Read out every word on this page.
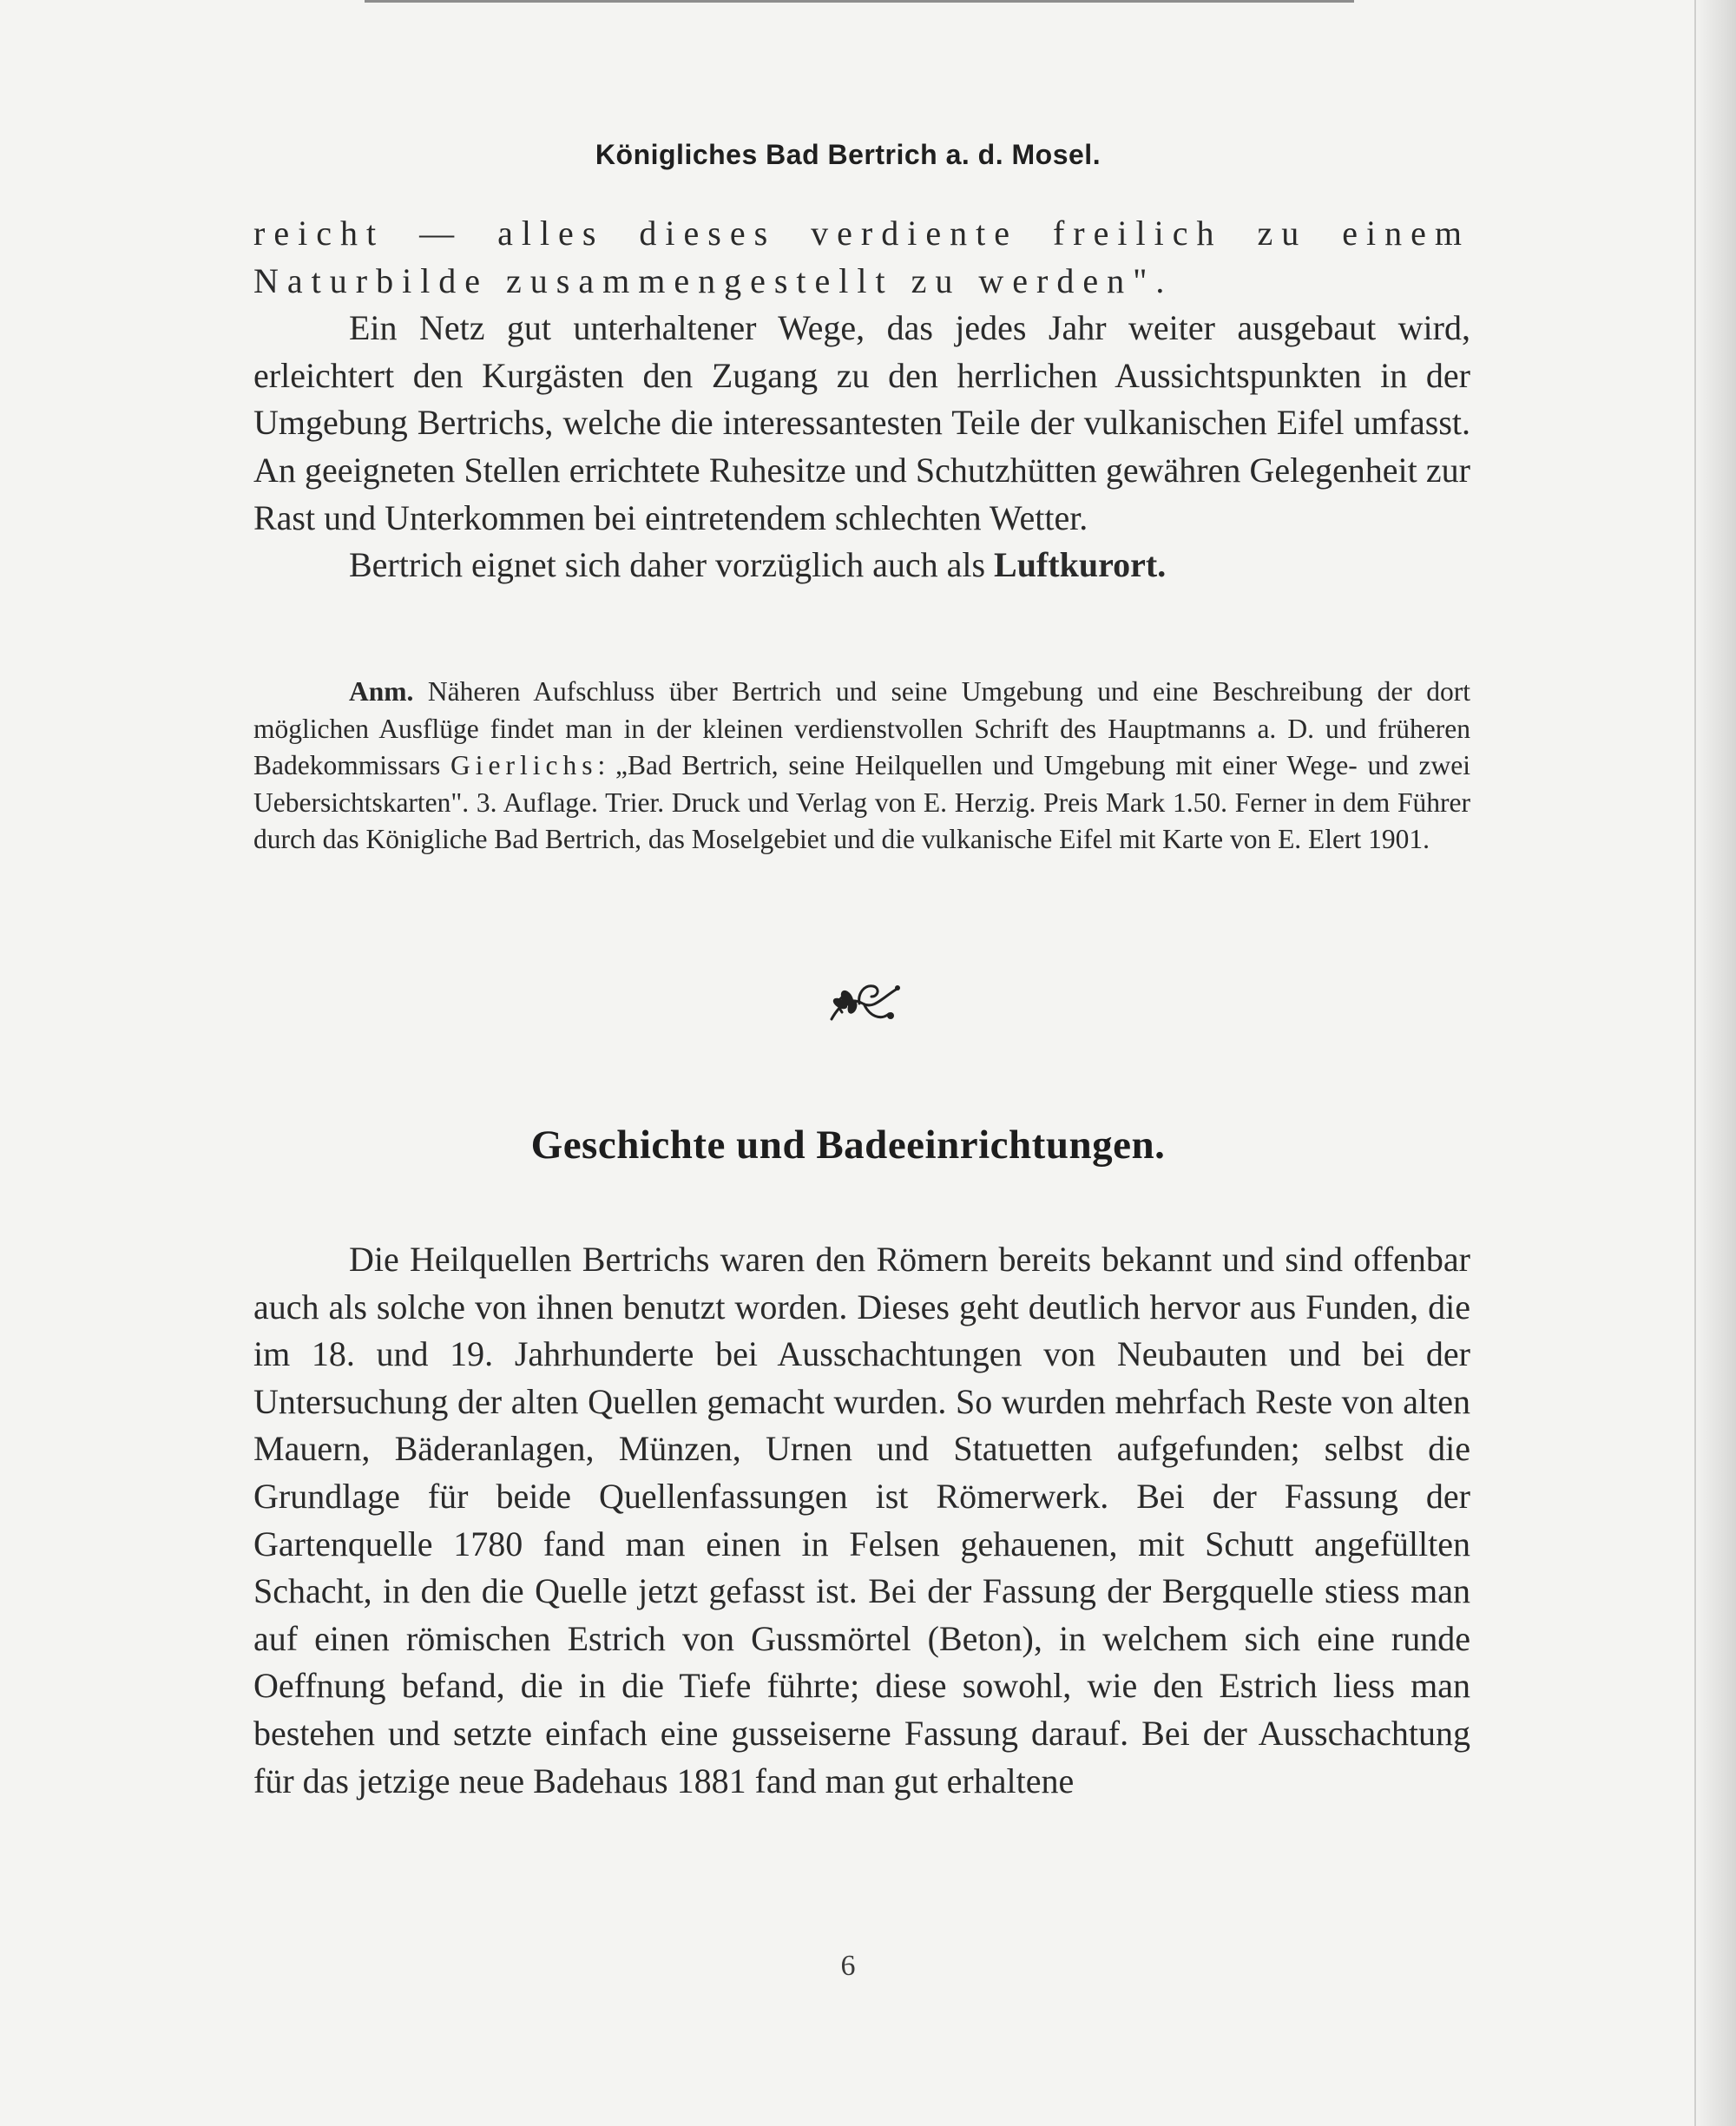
Königliches Bad Bertrich a. d. Mosel.

reicht — alles dieses verdiente freilich zu einem Naturbilde zusammengestellt zu werden".

Ein Netz gut unterhaltener Wege, das jedes Jahr weiter ausgebaut wird, erleichtert den Kurgästen den Zugang zu den herrlichen Aussichtspunkten in der Umgebung Bertrichs, welche die interessantesten Teile der vulkanischen Eifel umfasst. An geeigneten Stellen errichtete Ruhesitze und Schutzhütten gewähren Gelegenheit zur Rast und Unterkommen bei eintretendem schlechten Wetter.

Bertrich eignet sich daher vorzüglich auch als Luftkurort.

Anm. Näheren Aufschluss über Bertrich und seine Umgebung und eine Beschreibung der dort möglichen Ausflüge findet man in der kleinen verdienstvollen Schrift des Hauptmanns a. D. und früheren Badekommissars Gierlichs: „Bad Bertrich, seine Heilquellen und Umgebung mit einer Wege- und zwei Uebersichtskarten". 3. Auflage. Trier. Druck und Verlag von E. Herzig. Preis Mark 1.50. Ferner in dem Führer durch das Königliche Bad Bertrich, das Moselgebiet und die vulkanische Eifel mit Karte von E. Elert 1901.

Geschichte und Badeeinrichtungen.

Die Heilquellen Bertrichs waren den Römern bereits bekannt und sind offenbar auch als solche von ihnen benutzt worden. Dieses geht deutlich hervor aus Funden, die im 18. und 19. Jahrhunderte bei Ausschachtungen von Neubauten und bei der Untersuchung der alten Quellen gemacht wurden. So wurden mehrfach Reste von alten Mauern, Bäderanlagen, Münzen, Urnen und Statuetten aufgefunden; selbst die Grundlage für beide Quellenfassungen ist Römerwerk. Bei der Fassung der Gartenquelle 1780 fand man einen in Felsen gehauenen, mit Schutt angefüllten Schacht, in den die Quelle jetzt gefasst ist. Bei der Fassung der Bergquelle stiess man auf einen römischen Estrich von Gussmörtel (Beton), in welchem sich eine runde Oeffnung befand, die in die Tiefe führte; diese sowohl, wie den Estrich liess man bestehen und setzte einfach eine gusseiserne Fassung darauf. Bei der Ausschachtung für das jetzige neue Badehaus 1881 fand man gut erhaltene

6
